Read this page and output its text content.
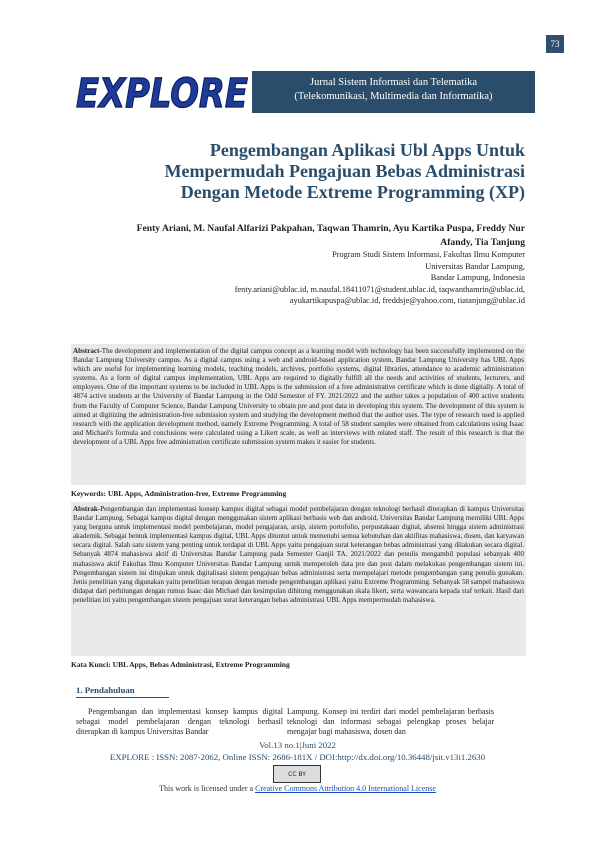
73
EXPLORE	Jurnal Sistem Informasi dan Telematika
(Telekomunikasi, Multimedia dan Informatika)
Pengembangan Aplikasi Ubl Apps Untuk
Mempermudah Pengajuan Bebas Administrasi
Dengan Metode Extreme Programming (XP)
Fenty Ariani, M. Naufal Alfarizi Pakpahan, Taqwan Thamrin, Ayu Kartika Puspa, Freddy Nur
Afandy, Tia Tanjung
Program Studi Sistem Informasi, Fakultas Ilmu Komputer
Universitas Bandar Lampung,
Bandar Lampung, Indonesia
fenty.ariani@ublac.id, m.naufal.18411071@student.ublac.id, taqwanthamrin@ublac.id,
ayukartikapuspa@ublac.id, freddsje@yahoo.com, tiatanjung@ublac.id
Abstract-The development and implementation of the digital campus concept as a learning model with technology has been successfully implemented on the Bandar Lampung University campus. As a digital campus using a web and android-based application system, Bandar Lampung University has UBL Apps which are useful for implementing learning models, teaching models, archives, portfolio systems, digital libraries, attendance to academic administration systems. As a form of digital campus implementation, UBL Apps are required to digitally fulfill all the needs and activities of students, lecturers, and employees. One of the important systems to be included in UBL Apps is the submission of a free administrative certificate which is done digitally. A total of 4874 active students at the University of Bandar Lampung in the Odd Semester of FY. 2021/2022 and the author takes a population of 400 active students from the Faculty of Computer Science, Bandar Lampung University to obtain pre and post data in developing this system. The development of this system is aimed at digitizing the administration-free submission system and studying the development method that the author uses. The type of research used is applied research with the application development method, namely Extreme Programming. A total of 58 student samples were obtained from calculations using Isaac and Michael's formula and conclusions were calculated using a Likert scale, as well as interviews with related staff. The result of this research is that the development of a UBL Apps free administration certificate submission system makes it easier for students.
Keywords: UBL Apps, Administration-free, Extreme Programming
Abstrak-Pengembangan dan implementasi konsep kampus digital sebagai model pembelajaran dengan teknologi berhasil diterapkan di kampus Universitas Bandar Lampung. Sebagai kampus digital dengan menggunakan sistem aplikasi berbasis web dan android, Universitas Bandar Lampung memiliki UBL Apps yang berguna untuk implementasi model pembelajaran, model pengajaran, arsip, sistem portofolio, perpustakaan digital, absensi hingga sistem administrasi akademik. Sebagai bentuk implementasi kampus digital, UBL Apps dituntut untuk memenuhi semua kebutuhan dan aktifitas mahasiswa, dosen, dan karyawan secara digital. Salah satu sistem yang penting untuk terdapat di UBL Apps yaitu pengajuan surat keterangan bebas administrasi yang dilakukan secara digital. Sebanyak 4874 mahasiswa aktif di Universitas Bandar Lampung pada Semester Ganjil TA. 2021/2022 dan penulis mengambil populasi sebanyak 400 mahasiswa aktif Fakultas Ilmu Komputer Universitas Bandar Lampung untuk memperoleh data pre dan post dalam melakukan pengembangan sistem ini. Pengembangan sistem ini ditujukan untuk digitalisasi sistem pengajuan bebas administrasi serta mempelajari metode pengembangan yang penulis gunakan. Jenis penelitian yang digunakan yaitu penelitian terapan dengan metode pengembangan aplikasi yaitu Extreme Programming. Sebanyak 58 sampel mahasiswa didapat dari perhitungan dengan rumus Isaac dan Michael dan kesimpulan dihitung menggunakan skala likert, serta wawancara kepada staf terkait. Hasil dari penelitian ini yaitu pengembangan sistem pengajuan surat keterangan bebas administrasi UBL Apps mempermudah mahasiswa.
Kata Kunci: UBL Apps, Bebas Administrasi, Extreme Programming
1. Pendahuluan
Pengembangan dan implementasi konsep kampus digital sebagai model pembelajaran dengan teknologi berhasil diterapkan di kampus Universitas Bandar
Lampung. Konsep ini terdiri dari model pembelajaran berbasis teknologi dan informasi sebagai pelengkap proses belajar mengajar bagi mahasiswa, dosen dan
Vol.13 no.1|Juni 2022
EXPLORE : ISSN: 2087-2062, Online ISSN: 2686-181X / DOI:http://dx.doi.org/10.36448/jsit.v13i1.2630
CC BY
This work is licensed under a Creative Commons Attribution 4.0 International License
